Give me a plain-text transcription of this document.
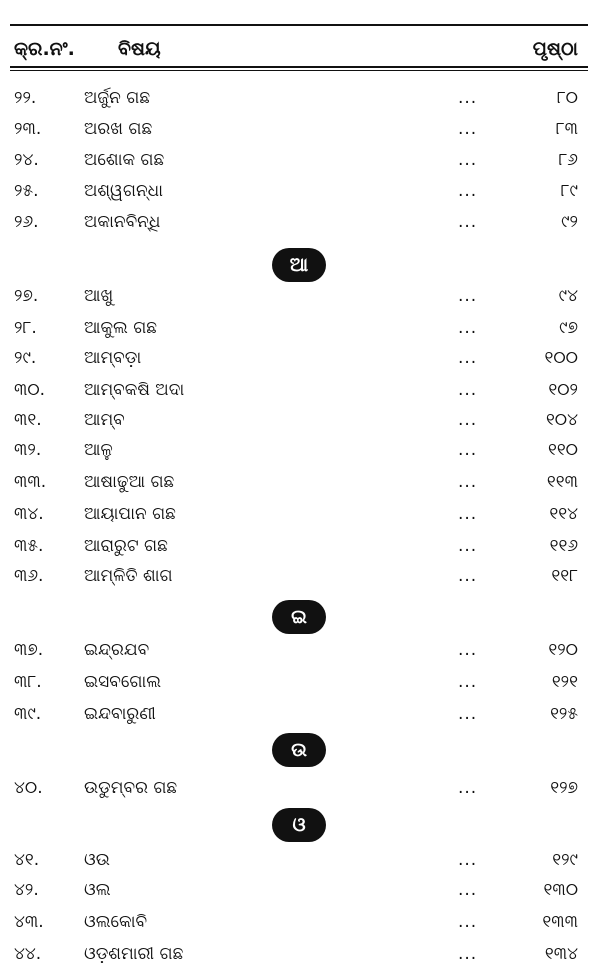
କ୍ର.ନଂ. ବିଷୟ	ପୃଷ୍ଠା
୨୨.	ଅର୍ଜୁନ ଗଛ	...	୮୦
୨୩.	ଅରଖ ଗଛ	...	୮୩
୨୪.	ଅଶୋକ ଗଛ	...	୮୬
୨୫.	ଅଶ୍ୱଗନ୍ଧା	...	୮୯
୨୬.	ଅକାନବିନ୍ଧି	...	୯୨
୨୭.	ଆଖୁ	...	୯୪
୨୮.	ଆକୁଲ ଗଛ	...	୯୭
୨୯.	ଆମ୍ବଡ଼ା	...	୧୦୦
୩୦. ଆମ୍ବକଷି ଅଦା	...	୧୦୨
୩୧. ଆମ୍ବ	...	୧୦୪
୩୨.	ଆଳୁ	...	୧୧୦
୩୩. ଆଷାଢୁଆ ଗଛ	...	୧୧୩
୩୪. ଆୟାପାନ ଗଛ	...	୧୧୪
୩୫. ଆରାରୁଟ ଗଛ	...	୧୧୬
୩୬. ଆମ୍ଳିତି ଶାଗ	...	୧୧୮
୩୭. ଇନ୍ଦ୍ରଯବ	...	୧୨୦
୩୮. ଇସବଗୋଲ	...	୧୨୧
୩୯.	ଇନ୍ଦବାରୁଣୀ	...	୧୨୫
୪୦. ଉଡୁମ୍ବର ଗଛ	...	୧୨୭
୪୧.	ଓଉ	...	୧୨୯
୪୨.	ଓଲ	...	୧୩୦
୪୩. ଓଲକୋବି	...	୧୩୩
୪୪.	ଓଡ଼ଶମାରୀ ଗଛ	...	୧୩୪
ଆ
ଇ
ଉ
ଓ
